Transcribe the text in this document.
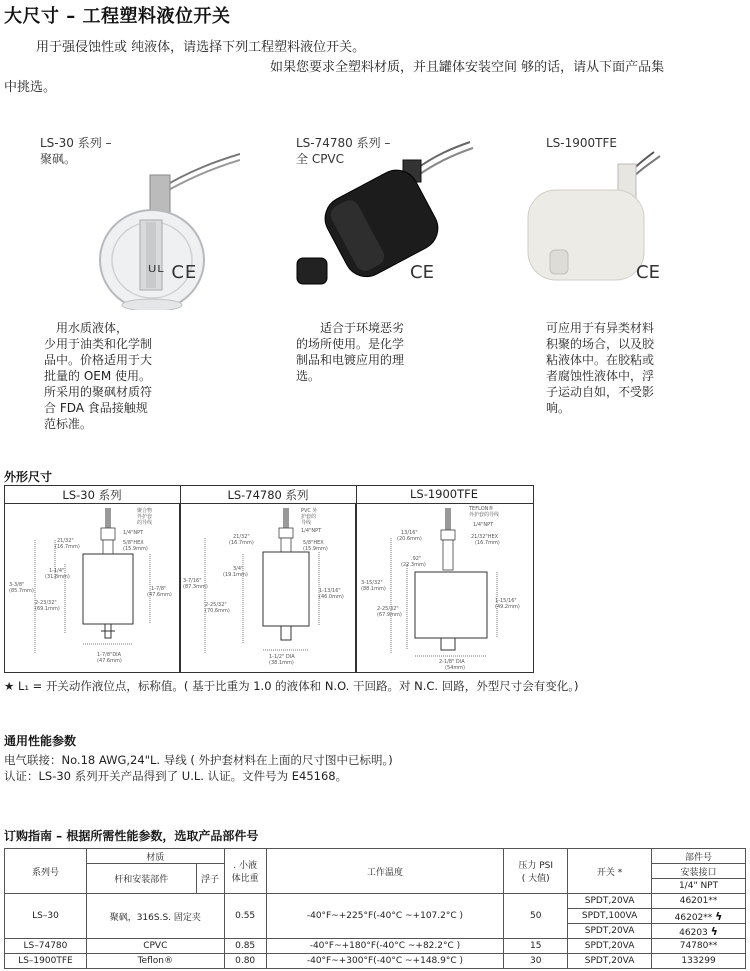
大尺寸 – 工程塑料液位开关
用于强侵蚀性或 纯液体，请选择下列工程塑料液位开关。
如果您要求全塑料材质，并且罐体安装空间 够的话，请从下面产品集
中挑选。
LS-30 系列 –
聚砜。
ᵁᴸ CE
用水质液体，
少用于油类和化学制
品中。价格适用于大
批量的 OEM 使用。
所采用的聚砜材质符
合 FDA 食品接触规
范标准。
LS-74780 系列 –
全 CPVC
CE
适合于环境恶劣
的场所使用。是化学
制品和电镀应用的理
选。
LS-1900TFE
CE
可应用于有异类材料
积聚的场合，以及胶
粘液体中。在胶粘或
者腐蚀性液体中，浮
子运动自如，不受影
响。
外形尺寸
LS-30 系列	LS-74780 系列	LS-1900TFE
聚合物
外护套
的导线
1/4"NPT
5/8"HEX
(15.9mm)
21/32"
(16.7mm)
1-1/4"
(31.8mm)
3-3/8"
(85.7mm)
2-23/32"
(69.1mm)
1-7/8"
(47.6mm)
1-7/8"DIA
(47.6mm)
PVC 外
护套的
导线
1/4"NPT
5/8"HEX
(15.9mm)
21/32"
(16.7mm)
3/4"
(19.1mm)
3-7/16"
(87.3mm)
2-25/32"
(70.6mm)
1-13/16"
(46.0mm)
1-1/2" DIA
(38.1mm)
TEFLON®
外护套的导线
1/4"NPT
21/32"HEX
(16.7mm)
13/16"
(20.6mm)
3-15/32"
(88.1mm)
.92"
(22.3mm)
2-25/32"
(67.9mm)
1-15/16"
(49.2mm)
2-1/8" DIA
(54mm)
★ L₁ = 开关动作液位点，标称值。( 基于比重为 1.0 的液体和 N.O. 干回路。对 N.C. 回路，外型尺寸会有变化。)
通用性能参数
电气联接：No.18 AWG,24"L. 导线 ( 外护套材料在上面的尺寸图中已标明。)
认证：LS-30 系列开关产品得到了 U.L. 认证。文件号为 E45168。
订购指南 – 根据所需性能参数，选取产品部件号
系列号	材质		. 小液
体比重	工作温度	压力 PSI
( 大值)	开关 *	部件号
	杆和安装部件	浮子					安装接口
							1/4" NPT
LS–30	聚砜，316S.S. 固定夹		0.55	-40°F~+225°F(-40°C ~+107.2°C )	50	SPDT,20VA	46201**
						SPDT,100VA	46202** ϟ
						SPDT,20VA	46203 ϟ
LS–74780	CPVC		0.85	-40°F~+180°F(-40°C ~+82.2°C )	15	SPDT,20VA	74780**
LS–1900TFE	Teflon®		0.80	-40°F~+300°F(-40°C ~+148.9°C )	30	SPDT,20VA	133299
